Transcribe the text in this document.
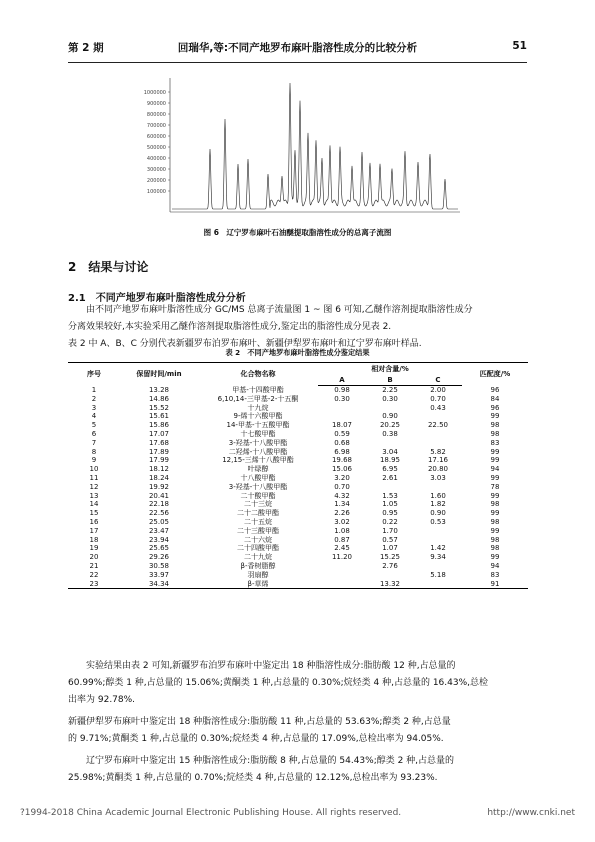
第 2 期	回瑞华,等:不同产地罗布麻叶脂溶性成分的比较分析	51
1000000
900000
800000
700000
600000
500000
400000
300000
200000
100000
图 6　辽宁罗布麻叶石油醚提取脂溶性成分的总离子流图
2　结果与讨论
2.1　不同产地罗布麻叶脂溶性成分分析
由不同产地罗布麻叶脂溶性成分 GC/MS 总离子流量图 1 ~ 图 6 可知,乙醚作溶剂提取脂溶性成分
分离效果较好,本实验采用乙醚作溶剂提取脂溶性成分,鉴定出的脂溶性成分见表 2.
表 2 中 A、B、C 分别代表新疆罗布泊罗布麻叶、新疆伊犁罗布麻叶和辽宁罗布麻叶样品.
表 2　不同产地罗布麻叶脂溶性成分鉴定结果
序号	保留时间/min	化合物名称	相对含量/%			匹配度/%
			A	B	C	
1	13.28	甲基-十四酸甲酯	0.98	2.25	2.00	96
2	14.86	6,10,14-三甲基-2-十五酮	0.30	0.30	0.70	84
3	15.52	十九烷			0.43	96
4	15.61	9-烯十六酸甲酯		0.90		99
5	15.86	14-甲基-十五酸甲酯	18.07	20.25	22.50	98
6	17.07	十七酸甲酯	0.59	0.38		98
7	17.68	3-羟基-十八酸甲酯	0.68			83
8	17.89	二羟烯-十八酸甲酯	6.98	3.04	5.82	99
9	17.99	12,15-三烯十八酸甲酯	19.68	18.95	17.16	99
10	18.12	叶绿醇	15.06	6.95	20.80	94
11	18.24	十八酸甲酯	3.20	2.61	3.03	99
12	19.92	3-羟基-十八酸甲酯	0.70			78
13	20.41	二十酸甲酯	4.32	1.53	1.60	99
14	22.18	二十三烷	1.34	1.05	1.82	98
15	22.56	二十二酸甲酯	2.26	0.95	0.90	99
16	25.05	二十五烷	3.02	0.22	0.53	98
17	23.47	二十三酸甲酯	1.08	1.70		99
18	23.94	二十六烷	0.87	0.57		98
19	25.65	二十四酸甲酯	2.45	1.07	1.42	98
20	29.26	二十九烷	11.20	15.25	9.34	99
21	30.58	β-香树脂醇		2.76		94
22	33.97	羽扇醇			5.18	83
23	34.34	β-草烯		13.32		91
实验结果由表 2 可知,新疆罗布泊罗布麻叶中鉴定出 18 种脂溶性成分:脂肪酸 12 种,占总量的
60.99%;醇类 1 种,占总量的 15.06%;黄酮类 1 种,占总量的 0.30%;烷烃类 4 种,占总量的 16.43%,总检
出率为 92.78%.
新疆伊犁罗布麻叶中鉴定出 18 种脂溶性成分:脂肪酸 11 种,占总量的 53.63%;醇类 2 种,占总量
的 9.71%;黄酮类 1 种,占总量的 0.30%;烷烃类 4 种,占总量的 17.09%,总检出率为 94.05%.
辽宁罗布麻叶中鉴定出 15 种脂溶性成分:脂肪酸 8 种,占总量的 54.43%;醇类 2 种,占总量的
25.98%;黄酮类 1 种,占总量的 0.70%;烷烃类 4 种,占总量的 12.12%,总检出率为 93.23%.
?1994-2018 China Academic Journal Electronic Publishing House. All rights reserved.	http://www.cnki.net
